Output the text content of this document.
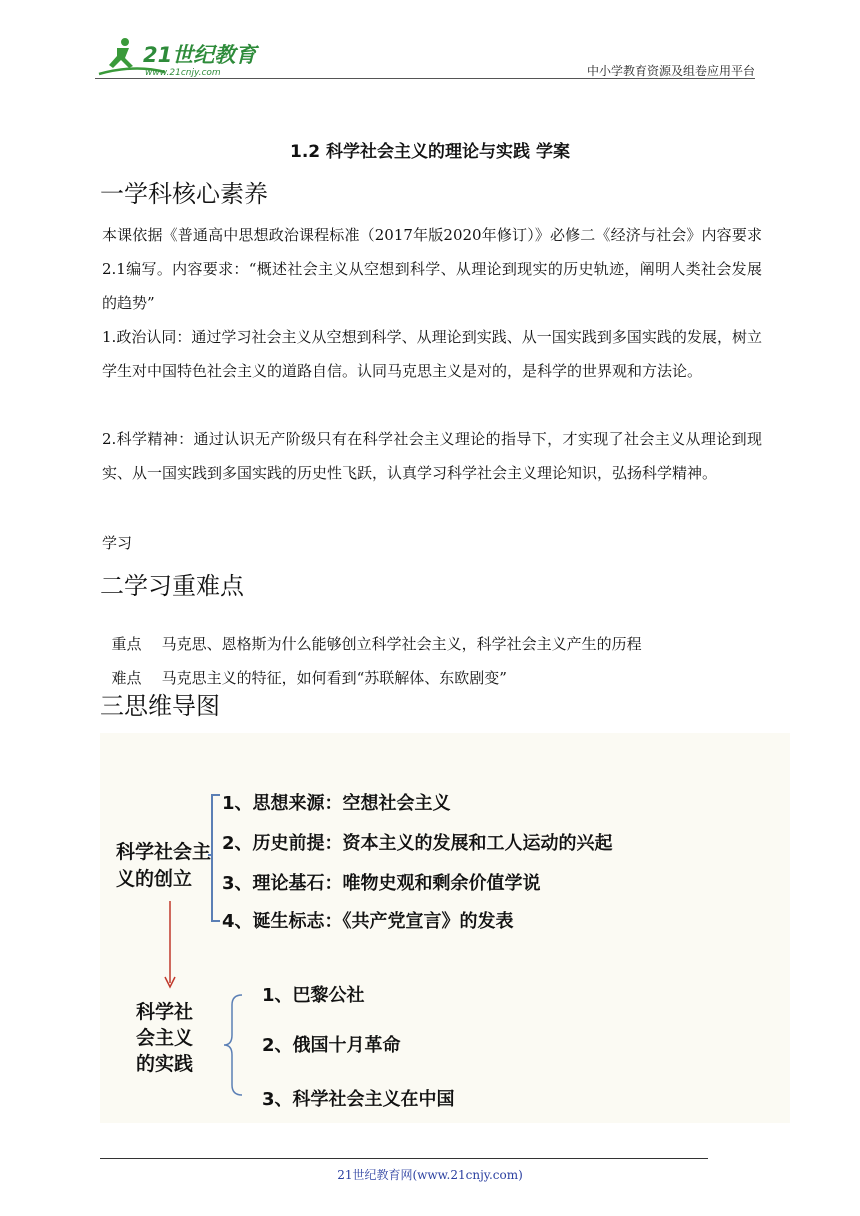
21世纪教育
www.21cnjy.com	中小学教育资源及组卷应用平台
1.2 科学社会主义的理论与实践 学案
一学科核心素养
本课依据《普通高中思想政治课程标准（2017年版2020年修订）》必修二《经济与社会》内容要求2.1编写。内容要求：“概述社会主义从空想到科学、从理论到现实的历史轨迹，阐明人类社会发展的趋势”
1.政治认同：通过学习社会主义从空想到科学、从理论到实践、从一国实践到多国实践的发展，树立学生对中国特色社会主义的道路自信。认同马克思主义是对的，是科学的世界观和方法论。
2.科学精神：通过认识无产阶级只有在科学社会主义理论的指导下，才实现了社会主义从理论到现实、从一国实践到多国实践的历史性飞跃，认真学习科学社会主义理论知识，弘扬科学精神。
学习
二学习重难点

重点 马克思、恩格斯为什么能够创立科学社会主义，科学社会主义产生的历程

难点 马克思主义的特征，如何看到“苏联解体、东欧剧变”

三思维导图
科学社会主
义的创立
1、思想来源：空想社会主义
2、历史前提：资本主义的发展和工人运动的兴起
3、理论基石：唯物史观和剩余价值学说
4、诞生标志：《共产党宣言》的发表
科学社
会主义
的实践
1、巴黎公社
2、俄国十月革命
3、科学社会主义在中国
21世纪教育网(www.21cnjy.com)
